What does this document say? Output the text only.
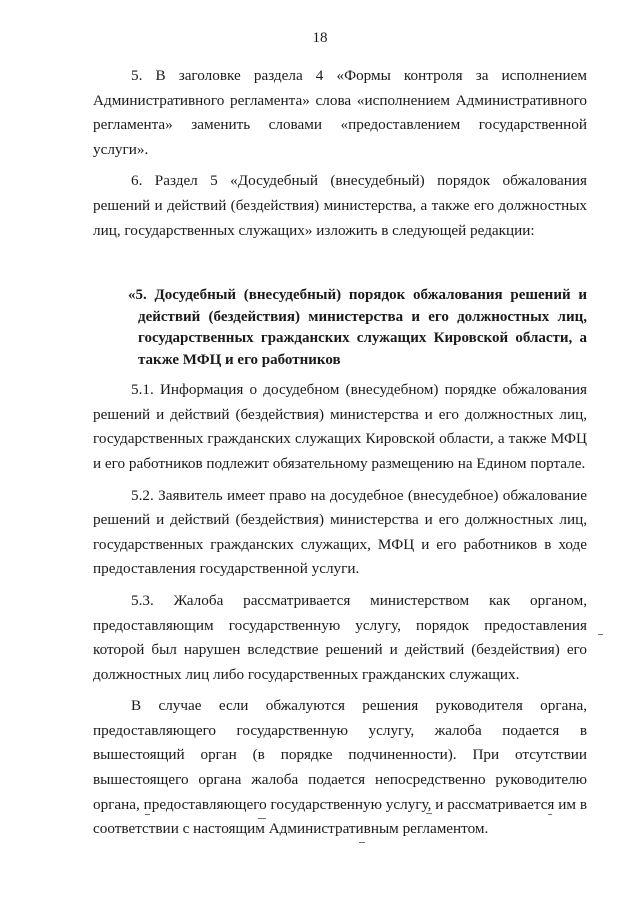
18

5. В заголовке раздела 4 «Формы контроля за исполнением Административного регламента» слова «исполнением Административного регламента» заменить словами «предоставлением государственной услуги».

6. Раздел 5 «Досудебный (внесудебный) порядок обжалования решений и действий (бездействия) министерства, а также его должностных лиц, государственных служащих» изложить в следующей редакции:

«5. Досудебный (внесудебный) порядок обжалования решений и действий (бездействия) министерства и его должностных лиц, государственных гражданских служащих Кировской области, а также МФЦ и его работников

5.1. Информация о досудебном (внесудебном) порядке обжалования решений и действий (бездействия) министерства и его должностных лиц, государственных гражданских служащих Кировской области, а также МФЦ и его работников подлежит обязательному размещению на Едином портале.

5.2. Заявитель имеет право на досудебное (внесудебное) обжалование решений и действий (бездействия) министерства и его должностных лиц, государственных гражданских служащих, МФЦ и его работников в ходе предоставления государственной услуги.

5.3. Жалоба рассматривается министерством как органом, предоставляющим государственную услугу, порядок предоставления которой был нарушен вследствие решений и действий (бездействия) его должностных лиц либо государственных гражданских служащих.

В случае если обжалуются решения руководителя органа, предоставляющего государственную услугу, жалоба подается в вышестоящий орган (в порядке подчиненности). При отсутствии вышестоящего органа жалоба подается непосредственно руководителю органа, предоставляющего государственную услугу, и рассматривается им в соответствии с настоящим Административным регламентом.
